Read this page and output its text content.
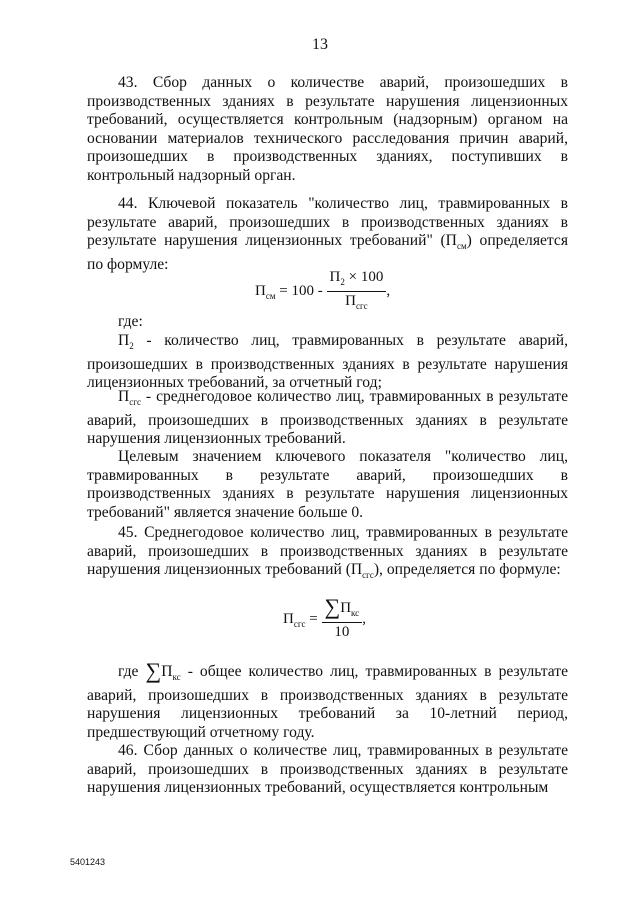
13

43. Сбор данных о количестве аварий, произошедших в производственных зданиях в результате нарушения лицензионных требований, осуществляется контрольным (надзорным) органом на основании материалов технического расследования причин аварий, произошедших в производственных зданиях, поступивших в контрольный надзорный орган.

44. Ключевой показатель "количество лиц, травмированных в результате аварий, произошедших в производственных зданиях в результате нарушения лицензионных требований" $(П_{см})$ определяется по формуле:

$П_{см} = 100 - \frac{П_2 \times 100}{П_{сгс}}$ ,

где:

$П_2$ - количество лиц, травмированных в результате аварий, произошедших в производственных зданиях в результате нарушения лицензионных требований, за отчетный год;

$П_{сгс}$ - среднегодовое количество лиц, травмированных в результате аварий, произошедших в производственных зданиях в результате нарушения лицензионных требований.

Целевым значением ключевого показателя "количество лиц, травмированных в результате аварий, произошедших в производственных зданиях в результате нарушения лицензионных требований" является значение больше 0.

45. Среднегодовое количество лиц, травмированных в результате аварий, произошедших в производственных зданиях в результате нарушения лицензионных требований $(П_{сгс})$, определяется по формуле:

$П_{сгс} = \frac{\sum П_{кс}}{10}$ ,

где $\sum П_{кс}$ - общее количество лиц, травмированных в результате аварий, произошедших в производственных зданиях в результате нарушения лицензионных требований за 10-летний период, предшествующий отчетному году.

46. Сбор данных о количестве лиц, травмированных в результате аварий, произошедших в производственных зданиях в результате нарушения лицензионных требований, осуществляется контрольным

5401243
